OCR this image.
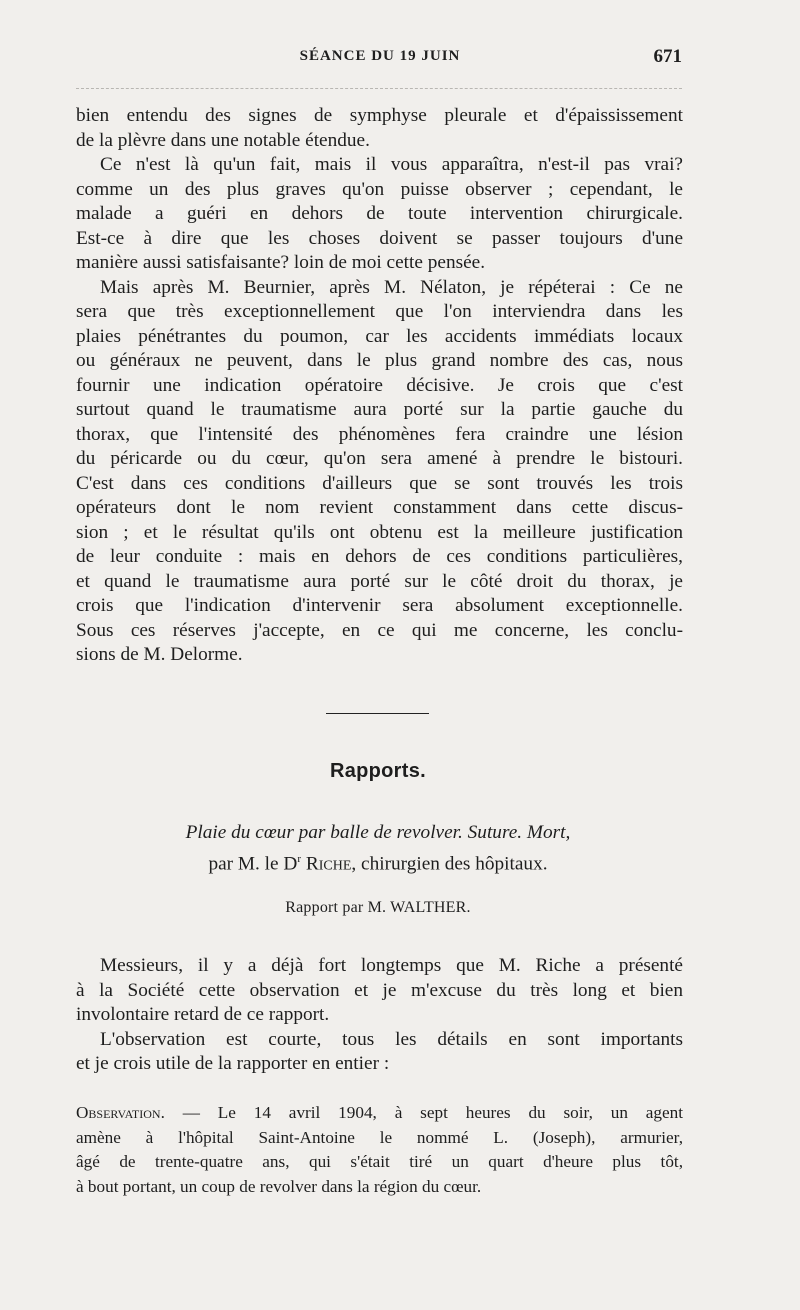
SÉANCE DU 19 JUIN	671
bien entendu des signes de symphyse pleurale et d'épaississement
de la plèvre dans une notable étendue.
Ce n'est là qu'un fait, mais il vous apparaîtra, n'est-il pas vrai?
comme un des plus graves qu'on puisse observer ; cependant, le
malade a guéri en dehors de toute intervention chirurgicale.
Est-ce à dire que les choses doivent se passer toujours d'une
manière aussi satisfaisante? loin de moi cette pensée.
Mais après M. Beurnier, après M. Nélaton, je répéterai : Ce ne
sera que très exceptionnellement que l'on interviendra dans les
plaies pénétrantes du poumon, car les accidents immédiats locaux
ou généraux ne peuvent, dans le plus grand nombre des cas, nous
fournir une indication opératoire décisive. Je crois que c'est
surtout quand le traumatisme aura porté sur la partie gauche du
thorax, que l'intensité des phénomènes fera craindre une lésion
du péricarde ou du cœur, qu'on sera amené à prendre le bistouri.
C'est dans ces conditions d'ailleurs que se sont trouvés les trois
opérateurs dont le nom revient constamment dans cette discus-
sion ; et le résultat qu'ils ont obtenu est la meilleure justification
de leur conduite : mais en dehors de ces conditions particulières,
et quand le traumatisme aura porté sur le côté droit du thorax, je
crois que l'indication d'intervenir sera absolument exceptionnelle.
Sous ces réserves j'accepte, en ce qui me concerne, les conclu-
sions de M. Delorme.
Rapports.
Plaie du cœur par balle de revolver. Suture. Mort,
par M. le $D^r$ Riche, chirurgien des hôpitaux.
Rapport par M. WALTHER.
Messieurs, il y a déjà fort longtemps que M. Riche a présenté
à la Société cette observation et je m'excuse du très long et bien
involontaire retard de ce rapport.
L'observation est courte, tous les détails en sont importants
et je crois utile de la rapporter en entier :
Observation. — Le 14 avril 1904, à sept heures du soir, un agent
amène à l'hôpital Saint-Antoine le nommé L. (Joseph), armurier,
âgé de trente-quatre ans, qui s'était tiré un quart d'heure plus tôt,
à bout portant, un coup de revolver dans la région du cœur.
